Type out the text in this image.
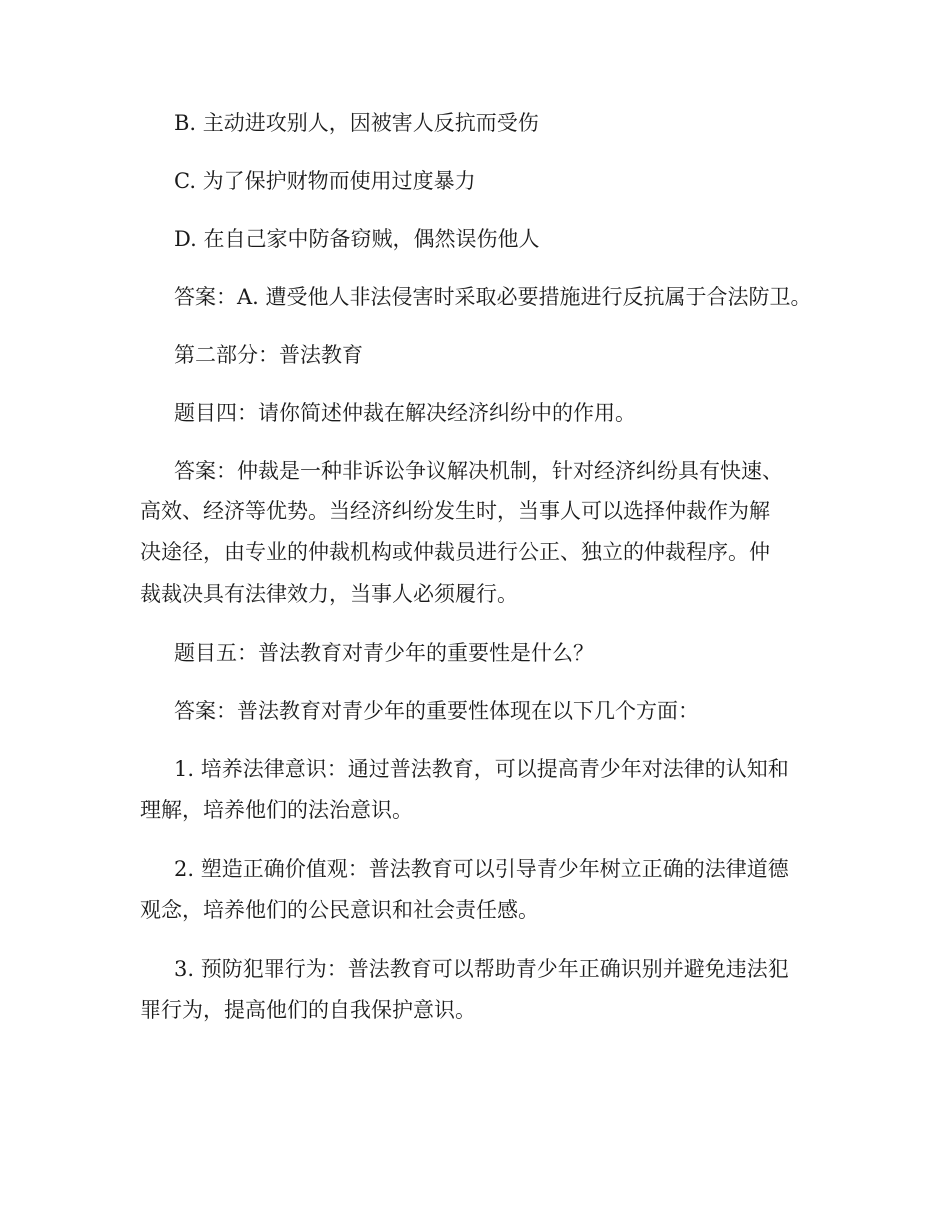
B. 主动进攻别人，因被害人反抗而受伤
C. 为了保护财物而使用过度暴力
D. 在自己家中防备窃贼，偶然误伤他人
答案：A. 遭受他人非法侵害时采取必要措施进行反抗属于合法防卫。
第二部分：普法教育
题目四：请你简述仲裁在解决经济纠纷中的作用。
答案：仲裁是一种非诉讼争议解决机制，针对经济纠纷具有快速、
高效、经济等优势。当经济纠纷发生时，当事人可以选择仲裁作为解
决途径，由专业的仲裁机构或仲裁员进行公正、独立的仲裁程序。仲
裁裁决具有法律效力，当事人必须履行。
题目五：普法教育对青少年的重要性是什么？
答案：普法教育对青少年的重要性体现在以下几个方面：
1. 培养法律意识：通过普法教育，可以提高青少年对法律的认知和
理解，培养他们的法治意识。
2. 塑造正确价值观：普法教育可以引导青少年树立正确的法律道德
观念，培养他们的公民意识和社会责任感。
3. 预防犯罪行为：普法教育可以帮助青少年正确识别并避免违法犯
罪行为，提高他们的自我保护意识。
